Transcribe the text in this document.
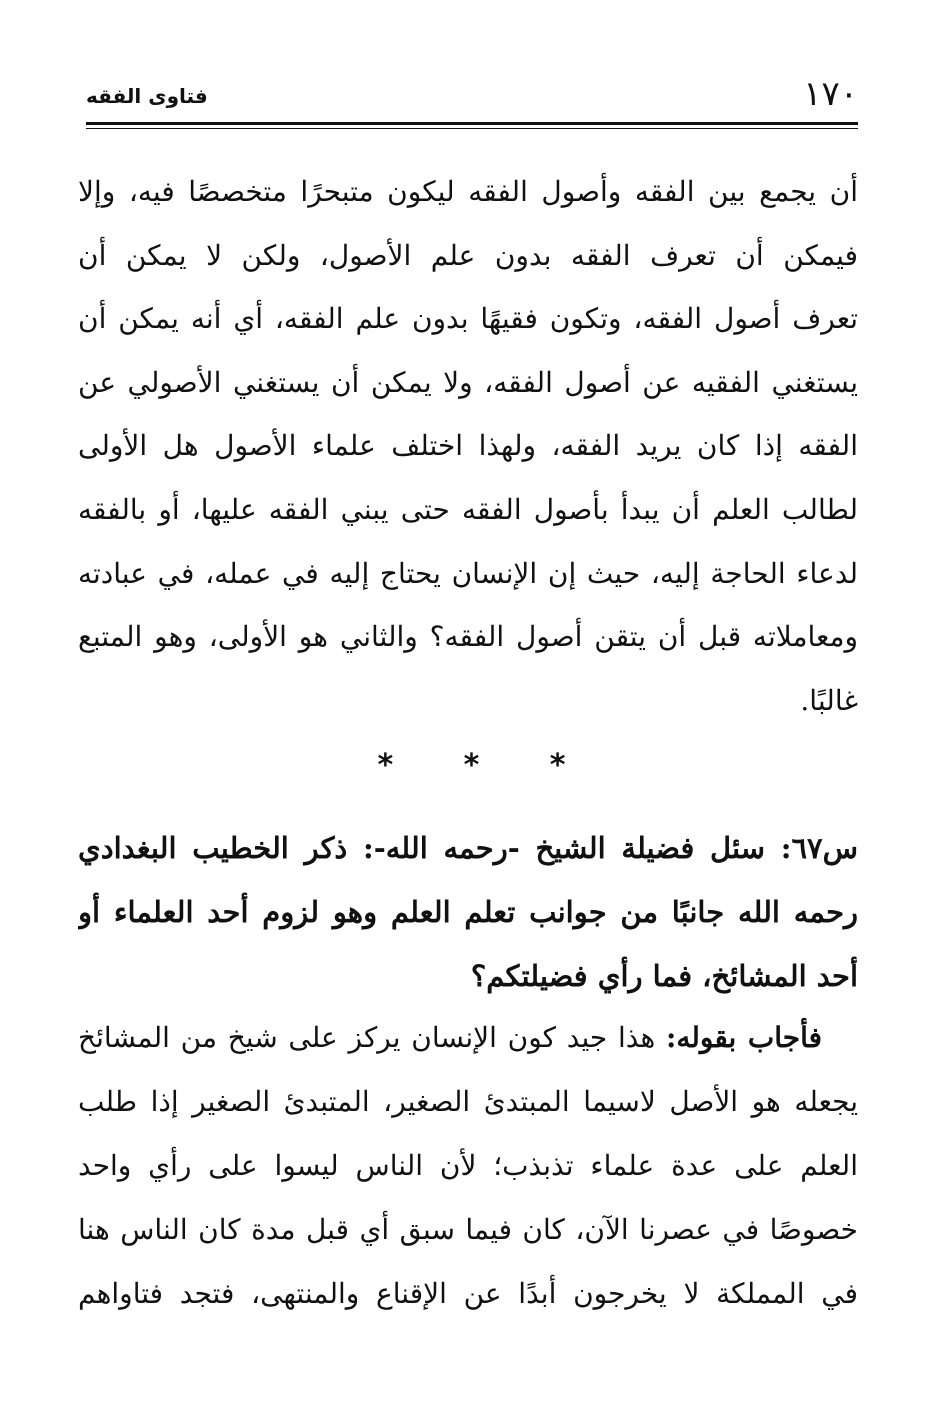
فتاوى الفقه	١٧٠
أن يجمع بين الفقه وأصول الفقه ليكون متبحرًا متخصصًا فيه، وإلا
فيمكن أن تعرف الفقه بدون علم الأصول، ولكن لا يمكن أن
تعرف أصول الفقه، وتكون فقيهًا بدون علم الفقه، أي أنه يمكن أن
يستغني الفقيه عن أصول الفقه، ولا يمكن أن يستغني الأصولي عن
الفقه إذا كان يريد الفقه، ولهذا اختلف علماء الأصول هل الأولى
لطالب العلم أن يبدأ بأصول الفقه حتى يبني الفقه عليها، أو بالفقه
لدعاء الحاجة إليه، حيث إن الإنسان يحتاج إليه في عمله، في عبادته
ومعاملاته قبل أن يتقن أصول الفقه؟ والثاني هو الأولى، وهو المتبع
غالبًا.
* * *
س٦٧: سئل فضيلة الشيخ -رحمه الله-: ذكر الخطيب البغدادي
رحمه الله جانبًا من جوانب تعلم العلم وهو لزوم أحد العلماء أو
أحد المشائخ، فما رأي فضيلتكم؟
فأجاب بقوله: هذا جيد كون الإنسان يركز على شيخ من المشائخ
يجعله هو الأصل لاسيما المبتدئ الصغير، المتبدئ الصغير إذا طلب
العلم على عدة علماء تذبذب؛ لأن الناس ليسوا على رأي واحد
خصوصًا في عصرنا الآن، كان فيما سبق أي قبل مدة كان الناس هنا
في المملكة لا يخرجون أبدًا عن الإقناع والمنتهى، فتجد فتاواهم
